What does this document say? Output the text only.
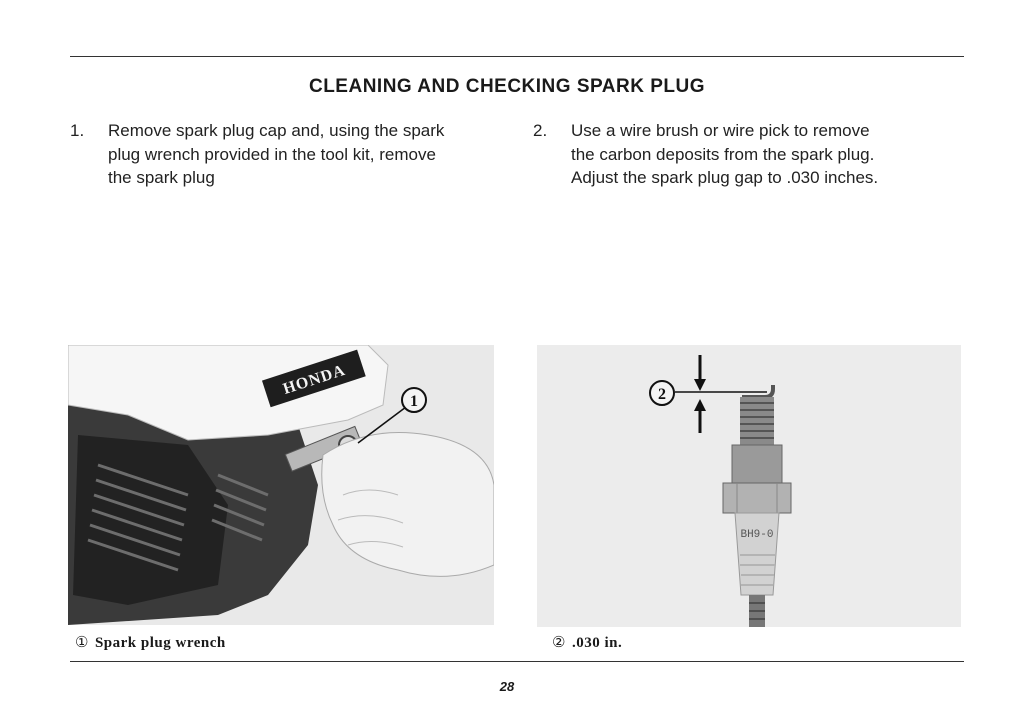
CLEANING AND CHECKING SPARK PLUG
1. Remove spark plug cap and, using the spark
plug wrench provided in the tool kit, remove
the spark plug
2. Use a wire brush or wire pick to remove
the carbon deposits from the spark plug.
Adjust the spark plug gap to .030 inches.
HONDA
1	2
BH9-0
① Spark plug wrench	② .030 in.
28
